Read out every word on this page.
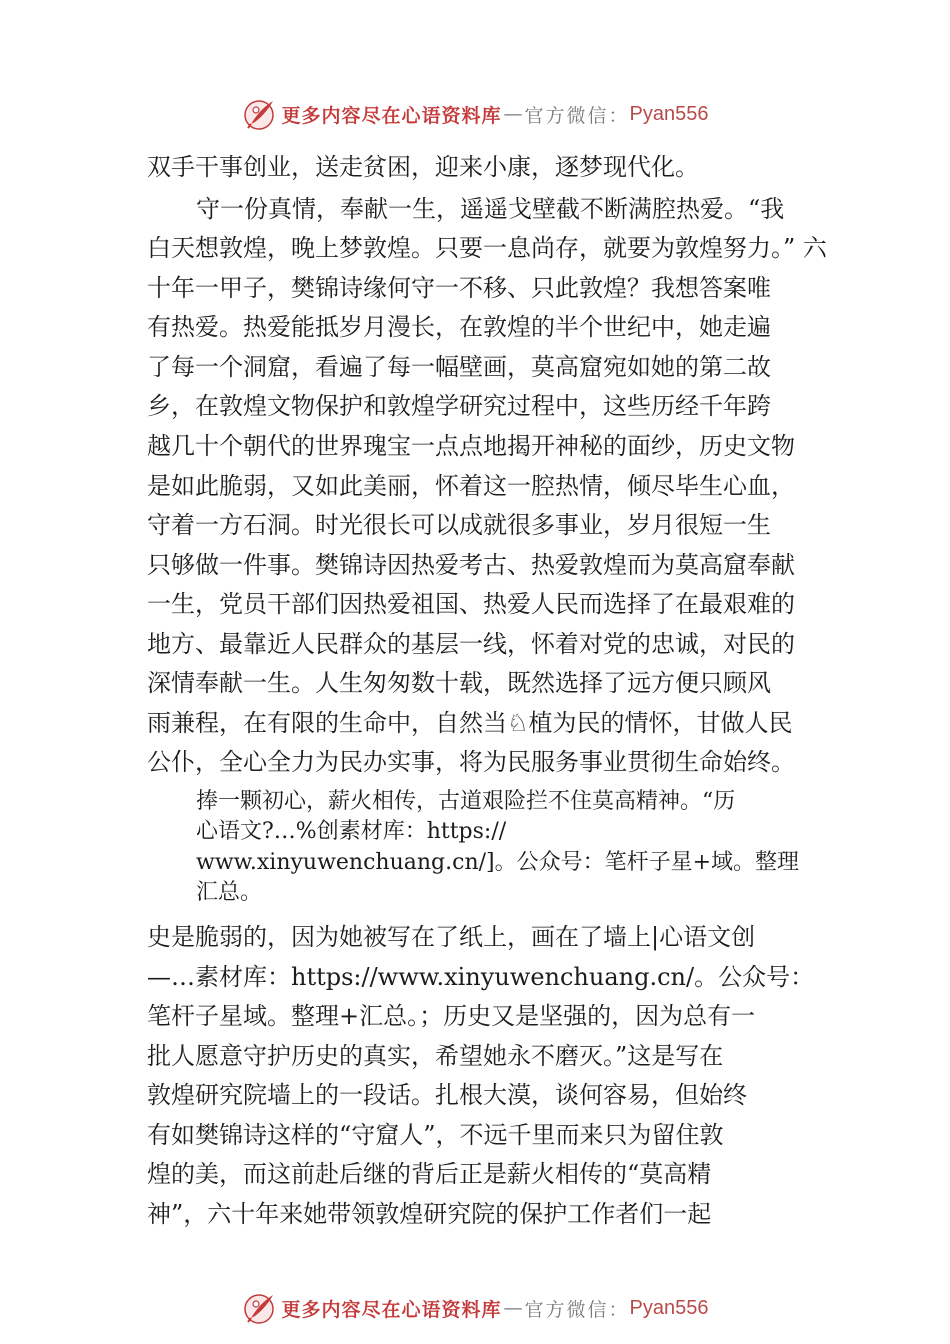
更多内容尽在心语资料库 — 官方微信： Pyan556
双手干事创业，送走贫困，迎来小康，逐梦现代化。
守一份真情，奉献一生，遥遥戈壁截不断满腔热爱。“我
白天想敦煌，晚上梦敦煌。只要一息尚存，就要为敦煌努力。” 六
十年一甲子，樊锦诗缘何守一不移、只此敦煌？我想答案唯
有热爱。热爱能抵岁月漫长，在敦煌的半个世纪中，她走遍
了每一个洞窟，看遍了每一幅壁画，莫高窟宛如她的第二故
乡，在敦煌文物保护和敦煌学研究过程中，这些历经千年跨
越几十个朝代的世界瑰宝一点点地揭开神秘的面纱，历史文物
是如此脆弱，又如此美丽，怀着这一腔热情，倾尽毕生心血，
守着一方石洞。时光很长可以成就很多事业，岁月很短一生
只够做一件事。樊锦诗因热爱考古、热爱敦煌而为莫高窟奉献
一生，党员干部们因热爱祖国、热爱人民而选择了在最艰难的
地方、最靠近人民群众的基层一线，怀着对党的忠诚，对民的
深情奉献一生。人生匆匆数十载，既然选择了远方便只顾风
雨兼程，在有限的生命中，自然当♘植为民的情怀，甘做人民
公仆，全心全力为民办实事，将为民服务事业贯彻生命始终。
捧一颗初心，薪火相传，古道艰险拦不住莫高精神。“历
心语文?…%创素材库：https://
www.xinyuwenchuang.cn/]。公众号：笔杆子星+域。整理
汇总。
史是脆弱的，因为她被写在了纸上，画在了墙上|心语文创
—…素材库：https://www.xinyuwenchuang.cn/。公众号：
笔杆子星域。整理+汇总。；历史又是坚强的，因为总有一
批人愿意守护历史的真实，希望她永不磨灭。”这是写在
敦煌研究院墙上的一段话。扎根大漠，谈何容易，但始终
有如樊锦诗这样的“守窟人”，不远千里而来只为留住敦
煌的美，而这前赴后继的背后正是薪火相传的“莫高精
神”，六十年来她带领敦煌研究院的保护工作者们一起
更多内容尽在心语资料库 — 官方微信： Pyan556
